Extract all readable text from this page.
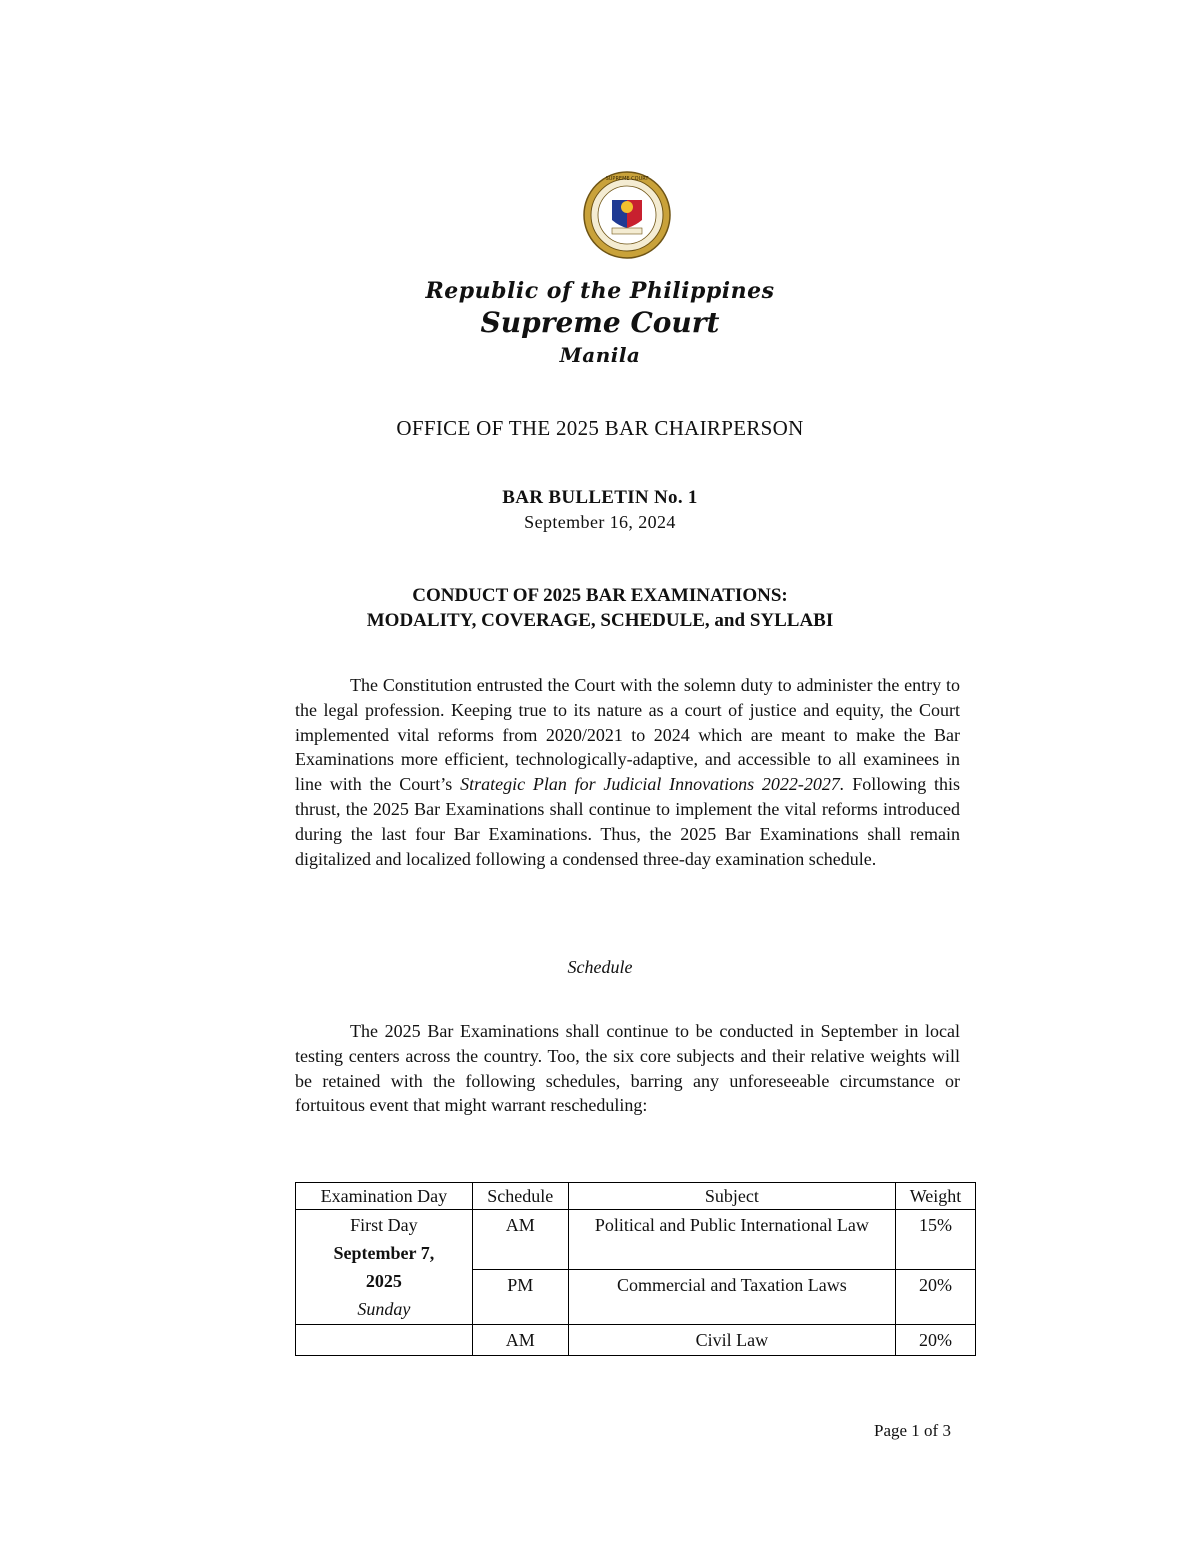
SUPREME COURT
Republic of the Philippines
Supreme Court
Manila
OFFICE OF THE 2025 BAR CHAIRPERSON
BAR BULLETIN No. 1
September 16, 2024
CONDUCT OF 2025 BAR EXAMINATIONS:
MODALITY, COVERAGE, SCHEDULE, and SYLLABI

The Constitution entrusted the Court with the solemn duty to administer the entry to the legal profession. Keeping true to its nature as a court of justice and equity, the Court implemented vital reforms from 2020/2021 to 2024 which are meant to make the Bar Examinations more efficient, technologically-adaptive, and accessible to all examinees in line with the Court’s Strategic Plan for Judicial Innovations 2022-2027. Following this thrust, the 2025 Bar Examinations shall continue to implement the vital reforms introduced during the last four Bar Examinations. Thus, the 2025 Bar Examinations shall remain digitalized and localized following a condensed three-day examination schedule.

Schedule

The 2025 Bar Examinations shall continue to be conducted in September in local testing centers across the country. Too, the six core subjects and their relative weights will be retained with the following schedules, barring any unforeseeable circumstance or fortuitous event that might warrant rescheduling:

Examination Day	Schedule	Subject	Weight

First Day
September 7,
2025
Sunday	AM	Political and Public International Law	15%
	PM	Commercial and Taxation Laws	20%
	AM	Civil Law	20%
Page 1 of 3
